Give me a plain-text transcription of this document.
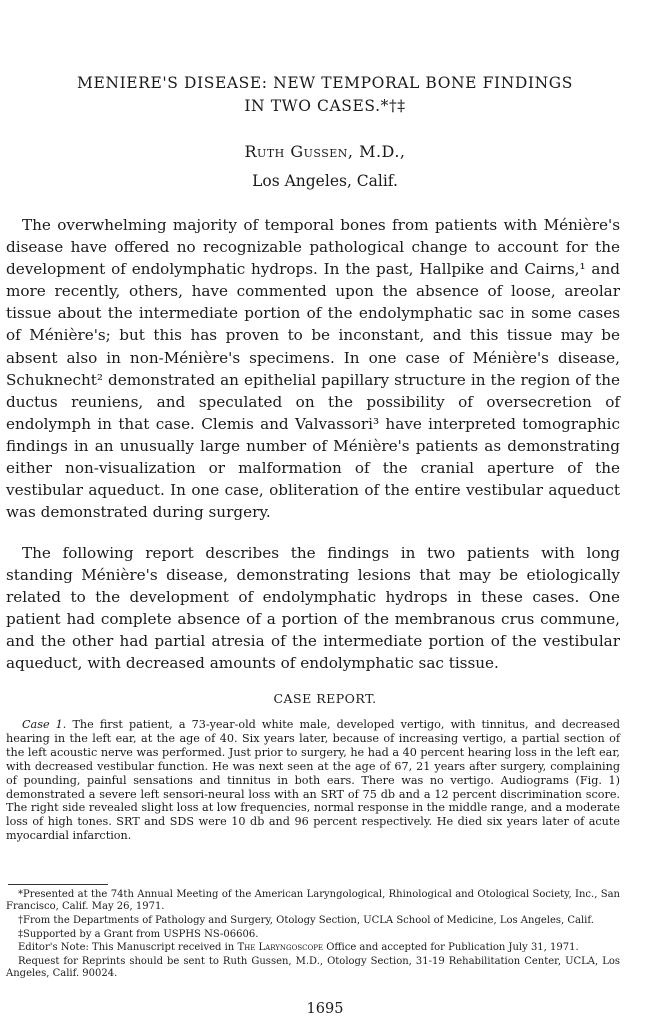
MENIERE'S DISEASE: NEW TEMPORAL BONE FINDINGS
IN TWO CASES.*†‡
Ruth Gussen, M.D.,
Los Angeles, Calif.

The overwhelming majority of temporal bones from patients with Ménière's disease have offered no recognizable pathological change to account for the development of endolymphatic hydrops. In the past, Hallpike and Cairns,¹ and more recently, others, have commented upon the absence of loose, areolar tissue about the intermediate portion of the endolymphatic sac in some cases of Ménière's; but this has proven to be inconstant, and this tissue may be absent also in non-Ménière's specimens. In one case of Ménière's disease, Schuknecht² demonstrated an epithelial papillary structure in the region of the ductus reuniens, and speculated on the possibility of oversecretion of endolymph in that case. Clemis and Valvassori³ have interpreted tomographic findings in an unusually large number of Ménière's patients as demonstrating either non-visualization or malformation of the cranial aperture of the vestibular aqueduct. In one case, obliteration of the entire vestibular aqueduct was demonstrated during surgery.

The following report describes the findings in two patients with long standing Ménière's disease, demonstrating lesions that may be etiologically related to the development of endolymphatic hydrops in these cases. One patient had complete absence of a portion of the membranous crus commune, and the other had partial atresia of the intermediate portion of the vestibular aqueduct, with decreased amounts of endolymphatic sac tissue.

CASE REPORT.

Case 1. The first patient, a 73-year-old white male, developed vertigo, with tinnitus, and decreased hearing in the left ear, at the age of 40. Six years later, because of increasing vertigo, a partial section of the left acoustic nerve was performed. Just prior to surgery, he had a 40 percent hearing loss in the left ear, with decreased vestibular function. He was next seen at the age of 67, 21 years after surgery, complaining of pounding, painful sensations and tinnitus in both ears. There was no vertigo. Audiograms (Fig. 1) demonstrated a severe left sensori-neural loss with an SRT of 75 db and a 12 percent discrimination score. The right side revealed slight loss at low frequencies, normal response in the middle range, and a moderate loss of high tones. SRT and SDS were 10 db and 96 percent respectively. He died six years later of acute myocardial infarction.

*Presented at the 74th Annual Meeting of the American Laryngological, Rhinological and Otological Society, Inc., San Francisco, Calif. May 26, 1971.

†From the Departments of Pathology and Surgery, Otology Section, UCLA School of Medicine, Los Angeles, Calif.

‡Supported by a Grant from USPHS NS-06606.

Editor's Note: This Manuscript received in The Laryngoscope Office and accepted for Publication July 31, 1971.

Request for Reprints should be sent to Ruth Gussen, M.D., Otology Section, 31-19 Rehabilitation Center, UCLA, Los Angeles, Calif. 90024.

1695
